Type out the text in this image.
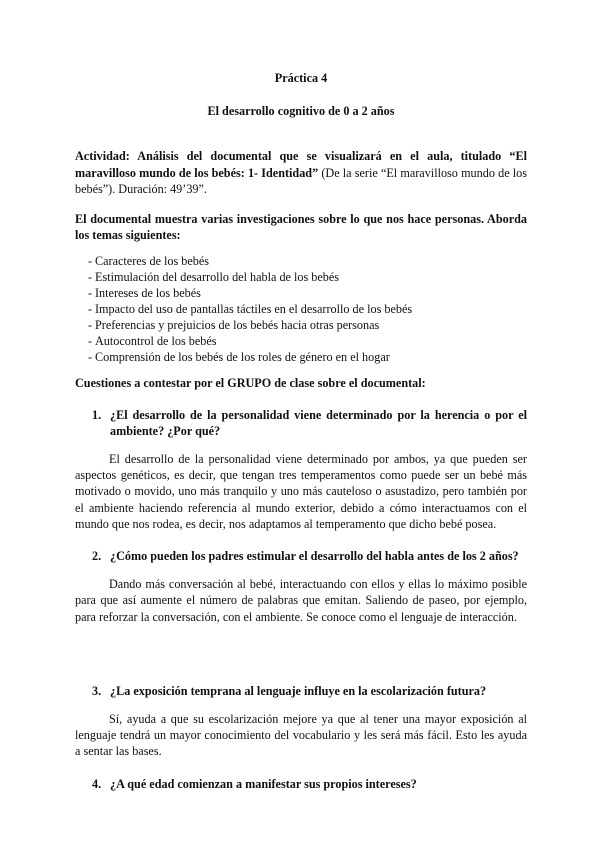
Práctica 4

El desarrollo cognitivo de 0 a 2 años

Actividad: Análisis del documental que se visualizará en el aula, titulado “El maravilloso mundo de los bebés: 1- Identidad” (De la serie “El maravilloso mundo de los bebés”). Duración: 49’39”.

El documental muestra varias investigaciones sobre lo que nos hace personas. Aborda los temas siguientes:

- Caracteres de los bebés
- Estimulación del desarrollo del habla de los bebés
- Intereses de los bebés
- Impacto del uso de pantallas táctiles en el desarrollo de los bebés
- Preferencias y prejuicios de los bebés hacia otras personas
- Autocontrol de los bebés
- Comprensión de los bebés de los roles de género en el hogar

Cuestiones a contestar por el GRUPO de clase sobre el documental:

1. ¿El desarrollo de la personalidad viene determinado por la herencia o por el ambiente? ¿Por qué?

El desarrollo de la personalidad viene determinado por ambos, ya que pueden ser aspectos genéticos, es decir, que tengan tres temperamentos como puede ser un bebé más motivado o movido, uno más tranquilo y uno más cauteloso o asustadizo, pero también por el ambiente haciendo referencia al mundo exterior, debido a cómo interactuamos con el mundo que nos rodea, es decir, nos adaptamos al temperamento que dicho bebé posea.

2. ¿Cómo pueden los padres estimular el desarrollo del habla antes de los 2 años?

Dando más conversación al bebé, interactuando con ellos y ellas lo máximo posible para que así aumente el número de palabras que emitan. Saliendo de paseo, por ejemplo, para reforzar la conversación, con el ambiente. Se conoce como el lenguaje de interacción.

3. ¿La exposición temprana al lenguaje influye en la escolarización futura?

Sí, ayuda a que su escolarización mejore ya que al tener una mayor exposición al lenguaje tendrá un mayor conocimiento del vocabulario y les será más fácil. Esto les ayuda a sentar las bases.

4. ¿A qué edad comienzan a manifestar sus propios intereses?
